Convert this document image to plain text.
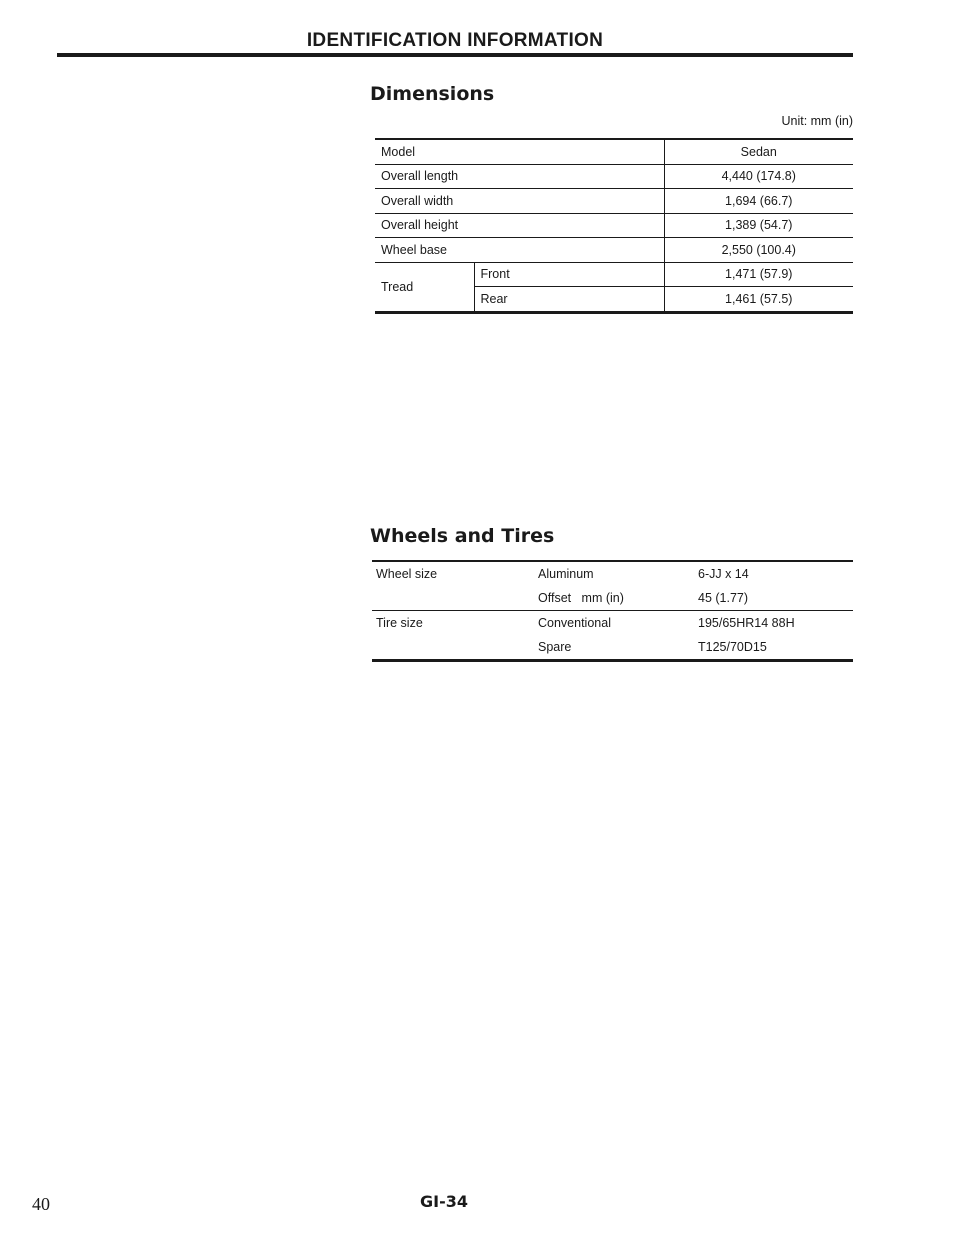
IDENTIFICATION INFORMATION
Dimensions
Unit: mm (in)
Model		Sedan
Overall length		4,440 (174.8)
Overall width		1,694 (66.7)
Overall height		1,389 (54.7)
Wheel base		2,550 (100.4)
Tread	Front	1,471 (57.9)
	Rear	1,461 (57.5)
Wheels and Tires
Wheel size	Aluminum	6-JJ x 14
	Offset   mm (in)	45 (1.77)
Tire size	Conventional	195/65HR14 88H
	Spare	T125/70D15
GI-34
40
